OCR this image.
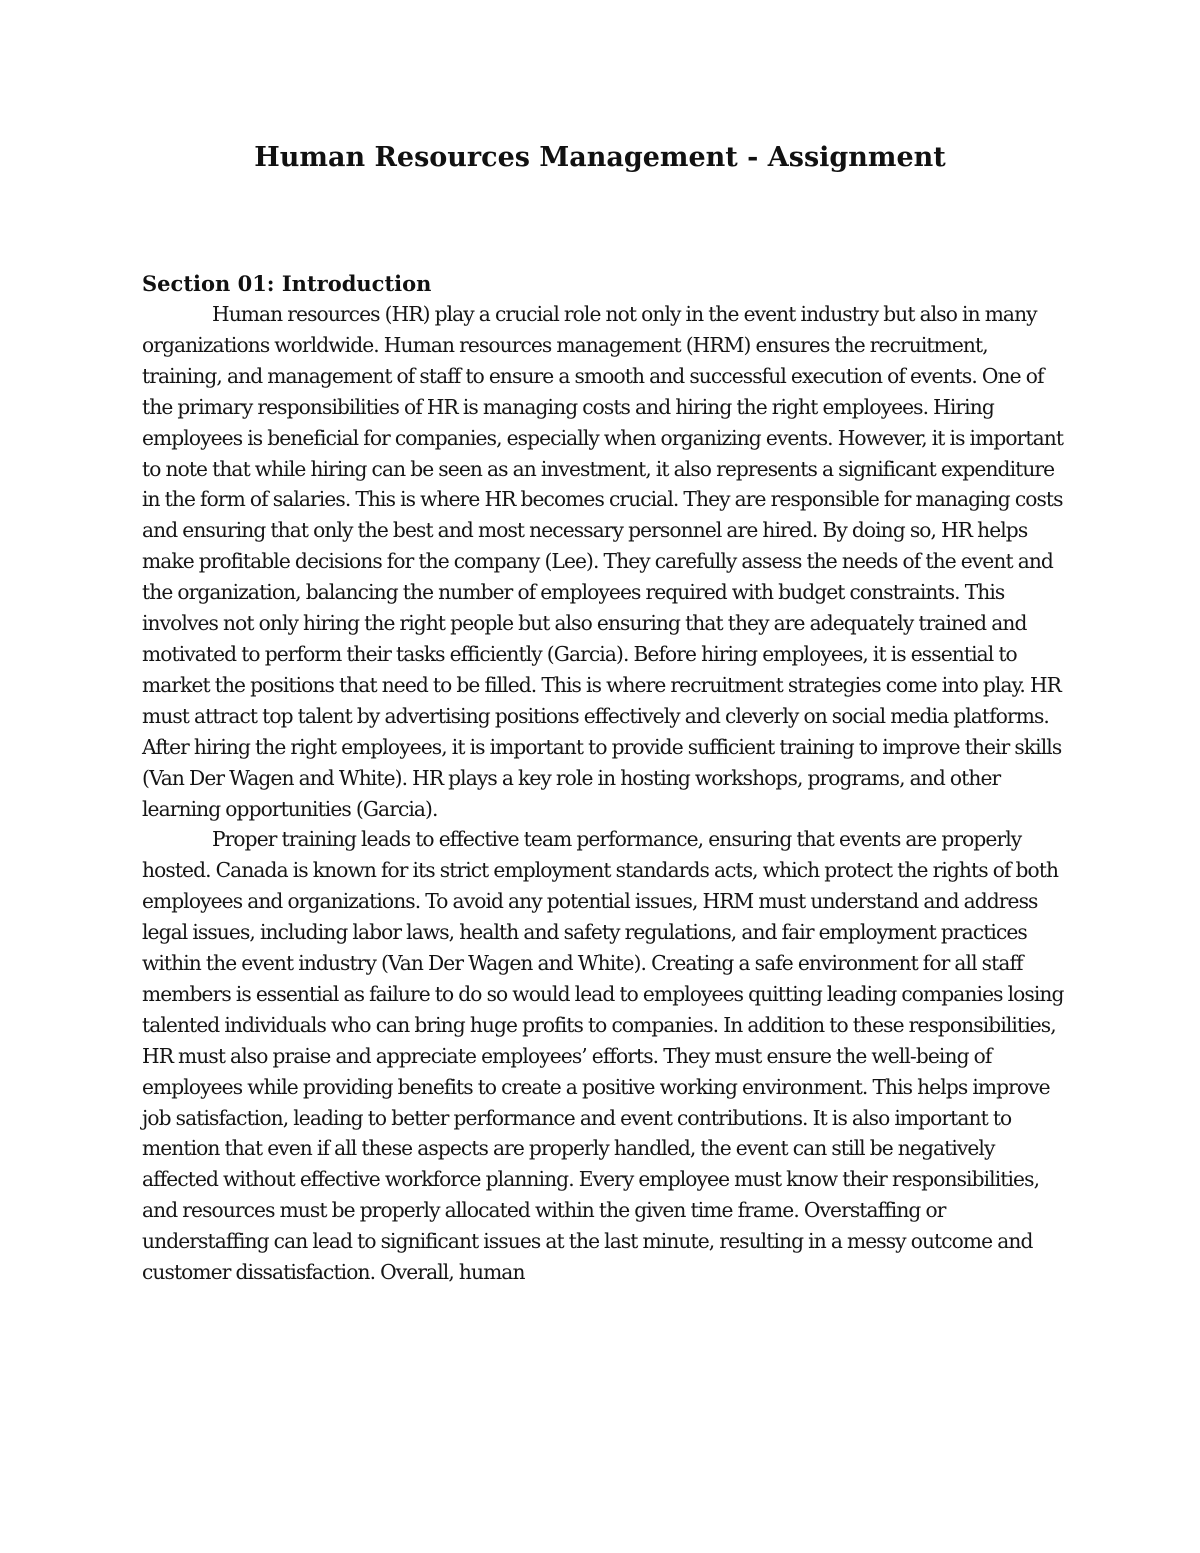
Human Resources Management - Assignment
Section 01: Introduction

Human resources (HR) play a crucial role not only in the event industry but also in many organizations worldwide. Human resources management (HRM) ensures the recruitment, training, and management of staff to ensure a smooth and successful execution of events. One of the primary responsibilities of HR is managing costs and hiring the right employees. Hiring employees is beneficial for companies, especially when organizing events. However, it is important to note that while hiring can be seen as an investment, it also represents a significant expenditure in the form of salaries. This is where HR becomes crucial. They are responsible for managing costs and ensuring that only the best and most necessary personnel are hired. By doing so, HR helps make profitable decisions for the company (Lee). They carefully assess the needs of the event and the organization, balancing the number of employees required with budget constraints. This involves not only hiring the right people but also ensuring that they are adequately trained and motivated to perform their tasks efficiently (Garcia). Before hiring employees, it is essential to market the positions that need to be filled. This is where recruitment strategies come into play. HR must attract top talent by advertising positions effectively and cleverly on social media platforms. After hiring the right employees, it is important to provide sufficient training to improve their skills (Van Der Wagen and White). HR plays a key role in hosting workshops, programs, and other learning opportunities (Garcia).

Proper training leads to effective team performance, ensuring that events are properly hosted. Canada is known for its strict employment standards acts, which protect the rights of both employees and organizations. To avoid any potential issues, HRM must understand and address legal issues, including labor laws, health and safety regulations, and fair employment practices within the event industry (Van Der Wagen and White). Creating a safe environment for all staff members is essential as failure to do so would lead to employees quitting leading companies losing talented individuals who can bring huge profits to companies. In addition to these responsibilities, HR must also praise and appreciate employees’ efforts. They must ensure the well-being of employees while providing benefits to create a positive working environment. This helps improve job satisfaction, leading to better performance and event contributions. It is also important to mention that even if all these aspects are properly handled, the event can still be negatively affected without effective workforce planning. Every employee must know their responsibilities, and resources must be properly allocated within the given time frame. Overstaffing or understaffing can lead to significant issues at the last minute, resulting in a messy outcome and customer dissatisfaction. Overall, human
